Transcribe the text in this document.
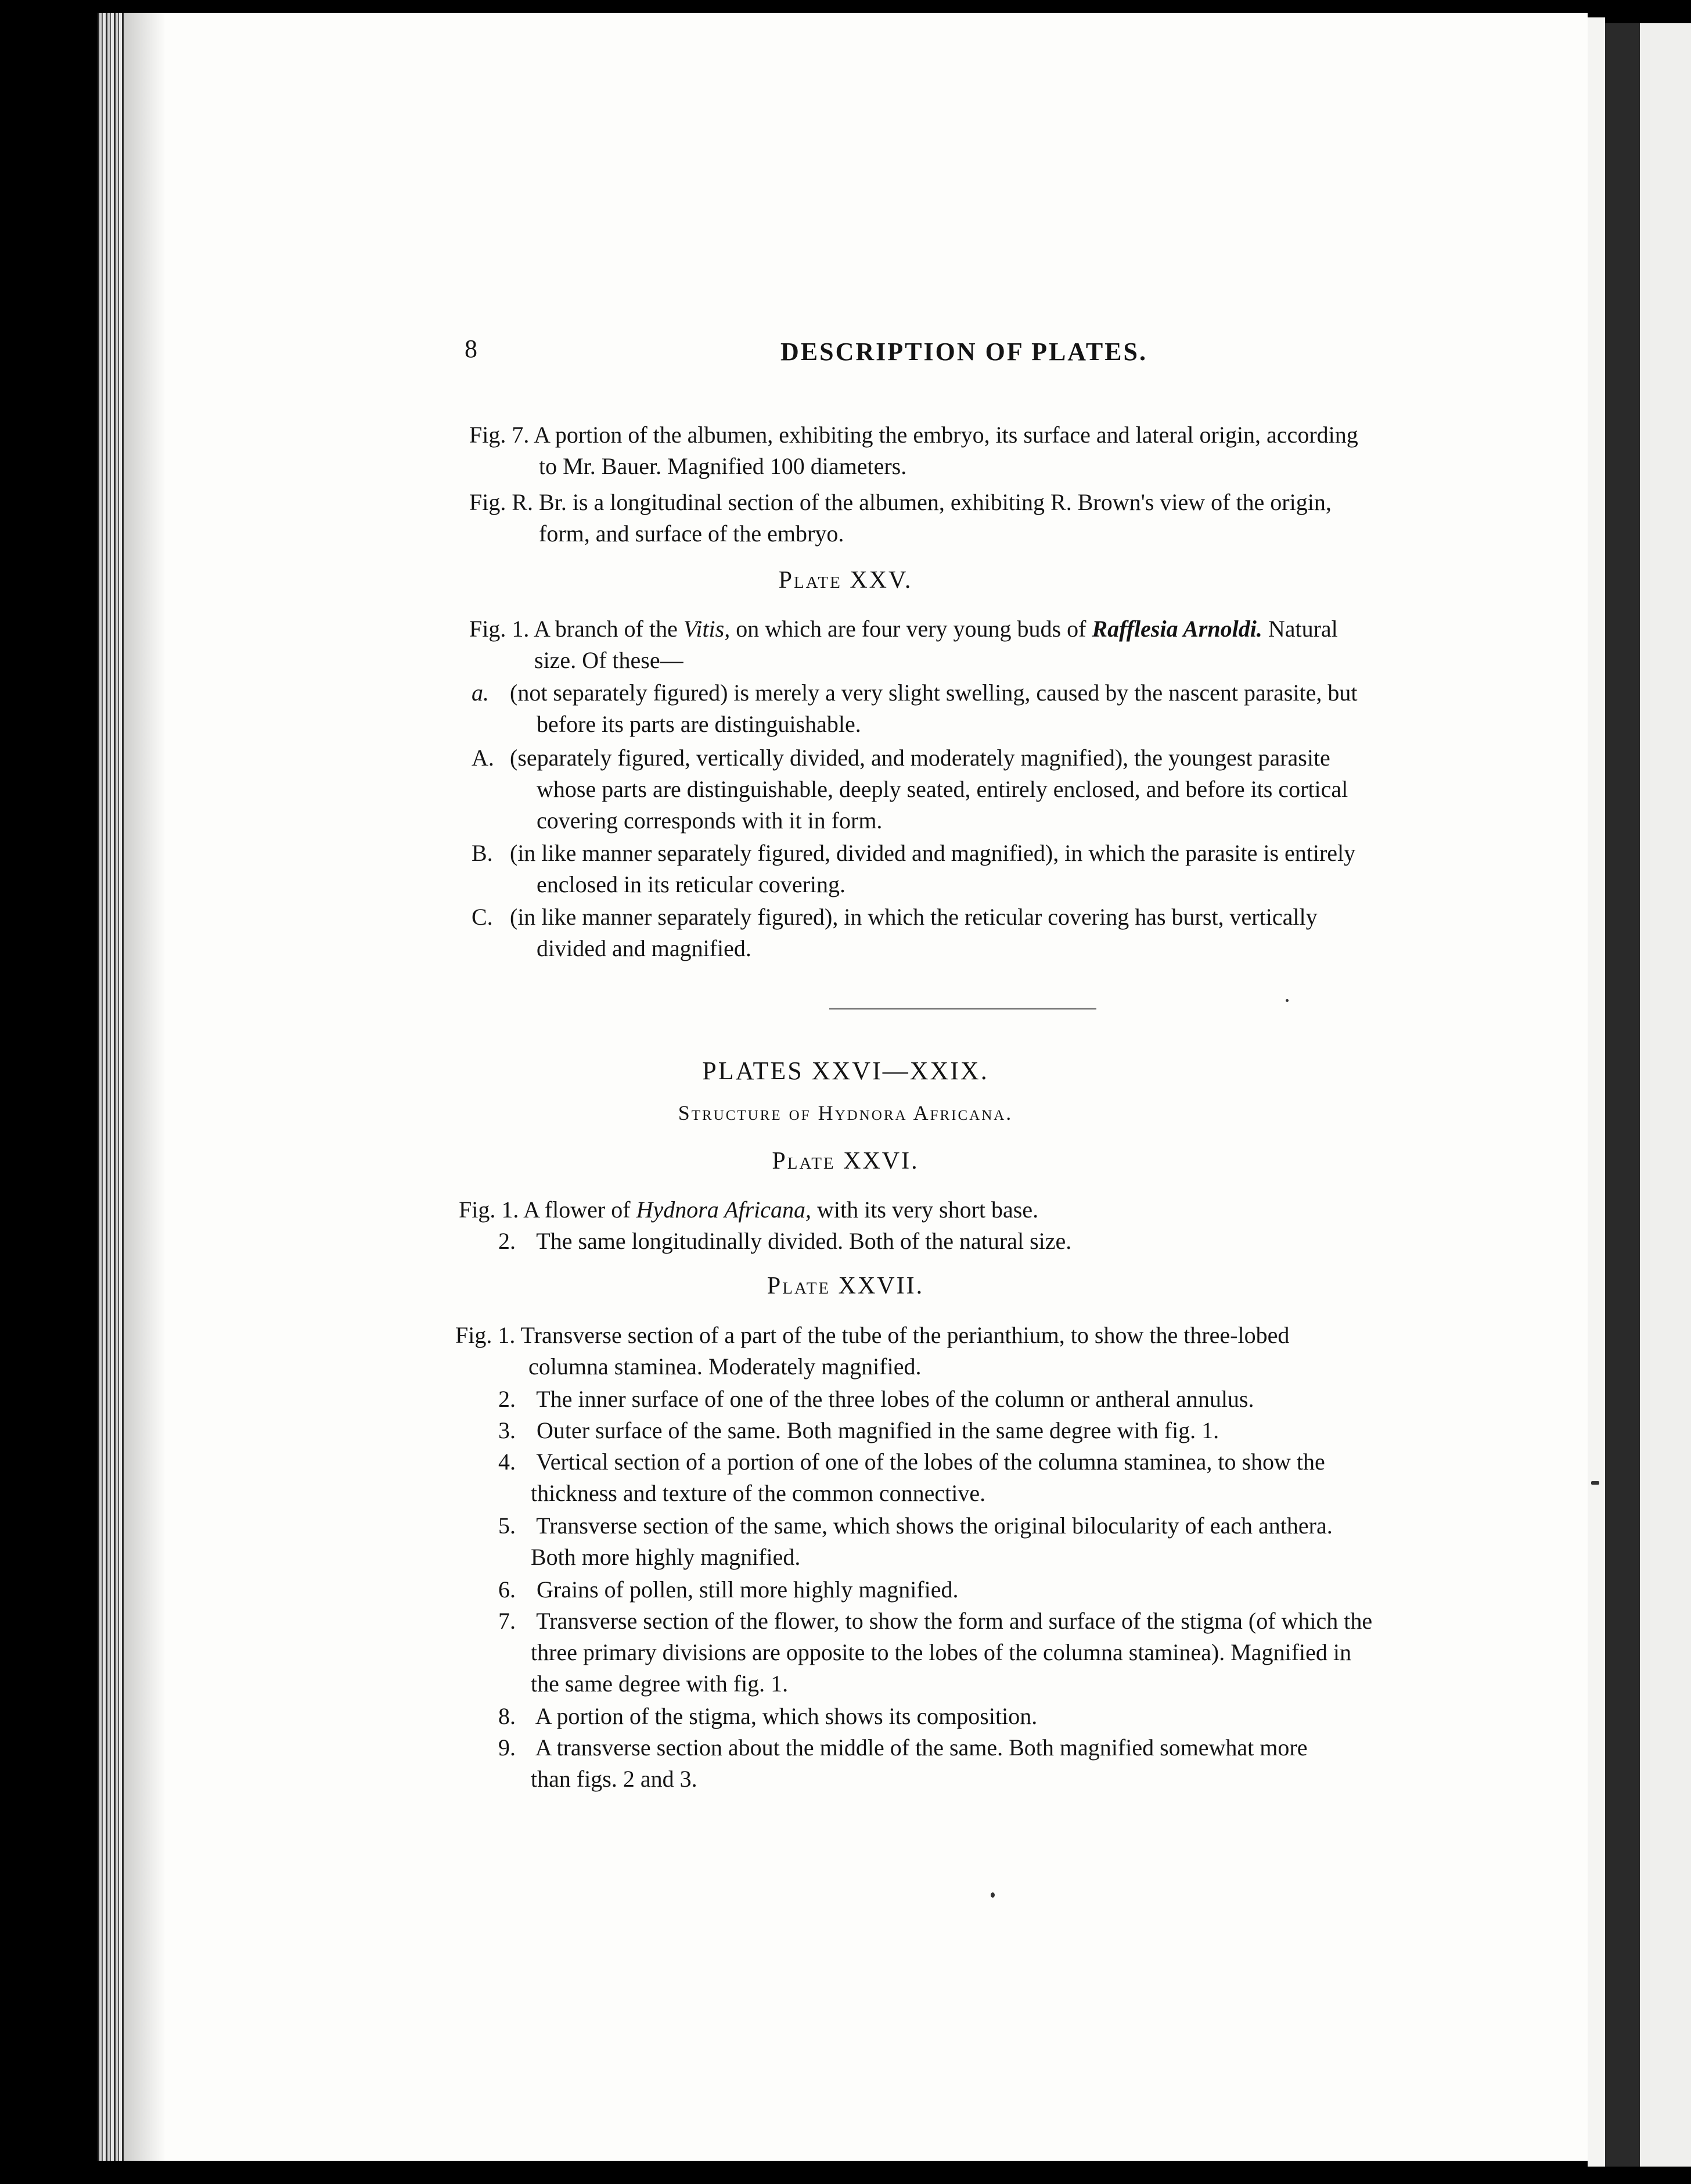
8	DESCRIPTION OF PLATES.
Fig. 7. A portion of the albumen, exhibiting the embryo, its surface and lateral origin, according
to Mr. Bauer. Magnified 100 diameters.
Fig. R. Br. is a longitudinal section of the albumen, exhibiting R. Brown's view of the origin,
form, and surface of the embryo.
Plate XXV.
Fig. 1. A branch of the Vitis, on which are four very young buds of Rafflesia Arnoldi. Natural
size. Of these—
a. (not separately figured) is merely a very slight swelling, caused by the nascent parasite, but
before its parts are distinguishable.
A. (separately figured, vertically divided, and moderately magnified), the youngest parasite
whose parts are distinguishable, deeply seated, entirely enclosed, and before its cortical
covering corresponds with it in form.
B. (in like manner separately figured, divided and magnified), in which the parasite is entirely
enclosed in its reticular covering.
C. (in like manner separately figured), in which the reticular covering has burst, vertically
divided and magnified.
PLATES XXVI—XXIX.
Structure of Hydnora Africana.
Plate XXVI.
Fig. 1. A flower of Hydnora Africana, with its very short base.
2. The same longitudinally divided. Both of the natural size.
Plate XXVII.
Fig. 1. Transverse section of a part of the tube of the perianthium, to show the three-lobed
columna staminea. Moderately magnified.
2. The inner surface of one of the three lobes of the column or antheral annulus.
3. Outer surface of the same. Both magnified in the same degree with fig. 1.
4. Vertical section of a portion of one of the lobes of the columna staminea, to show the
thickness and texture of the common connective.
5. Transverse section of the same, which shows the original bilocularity of each anthera.
Both more highly magnified.
6. Grains of pollen, still more highly magnified.
7. Transverse section of the flower, to show the form and surface of the stigma (of which the
three primary divisions are opposite to the lobes of the columna staminea). Magnified in
the same degree with fig. 1.
8. A portion of the stigma, which shows its composition.
9. A transverse section about the middle of the same. Both magnified somewhat more
than figs. 2 and 3.
